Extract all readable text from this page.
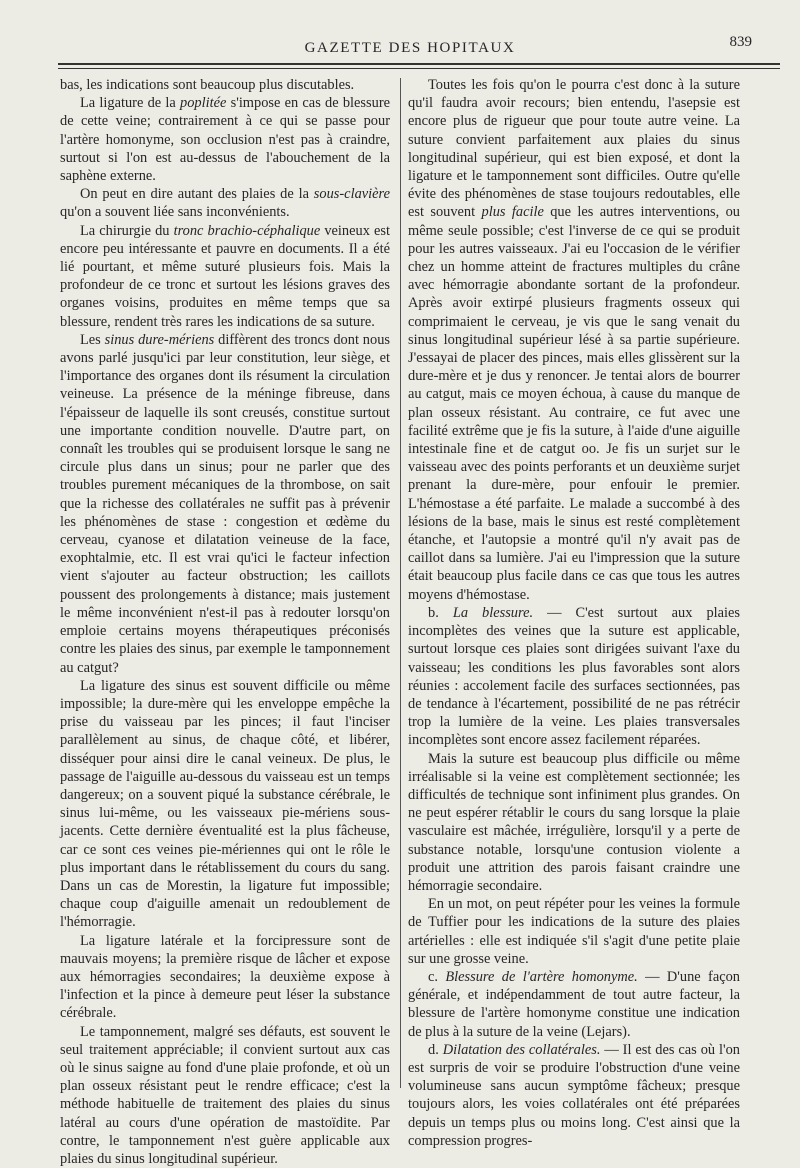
GAZETTE DES HOPITAUX	839

bas, les indications sont beaucoup plus discutables.

La ligature de la poplitée s'impose en cas de blessure de cette veine; contrairement à ce qui se passe pour l'artère homonyme, son occlusion n'est pas à craindre, surtout si l'on est au-dessus de l'abouchement de la saphène externe.

On peut en dire autant des plaies de la sous-clavière qu'on a souvent liée sans inconvénients.

La chirurgie du tronc brachio-céphalique veineux est encore peu intéressante et pauvre en documents. Il a été lié pourtant, et même suturé plusieurs fois. Mais la profondeur de ce tronc et surtout les lésions graves des organes voisins, produites en même temps que sa blessure, rendent très rares les indications de sa suture.

Les sinus dure-mériens diffèrent des troncs dont nous avons parlé jusqu'ici par leur constitution, leur siège, et l'importance des organes dont ils résument la circulation veineuse. La présence de la méninge fibreuse, dans l'épaisseur de laquelle ils sont creusés, constitue surtout une importante condition nouvelle. D'autre part, on connaît les troubles qui se produisent lorsque le sang ne circule plus dans un sinus; pour ne parler que des troubles purement mécaniques de la thrombose, on sait que la richesse des collatérales ne suffit pas à prévenir les phénomènes de stase : congestion et œdème du cerveau, cyanose et dilatation veineuse de la face, exophtalmie, etc. Il est vrai qu'ici le facteur infection vient s'ajouter au facteur obstruction; les caillots poussent des prolongements à distance; mais justement le même inconvénient n'est-il pas à redouter lorsqu'on emploie certains moyens thérapeutiques préconisés contre les plaies des sinus, par exemple le tamponnement au catgut?

La ligature des sinus est souvent difficile ou même impossible; la dure-mère qui les enveloppe empêche la prise du vaisseau par les pinces; il faut l'inciser parallèlement au sinus, de chaque côté, et libérer, disséquer pour ainsi dire le canal veineux. De plus, le passage de l'aiguille au-dessous du vaisseau est un temps dangereux; on a souvent piqué la substance cérébrale, le sinus lui-même, ou les vaisseaux pie-mériens sous-jacents. Cette dernière éventualité est la plus fâcheuse, car ce sont ces veines pie-mériennes qui ont le rôle le plus important dans le rétablissement du cours du sang. Dans un cas de Morestin, la ligature fut impossible; chaque coup d'aiguille amenait un redoublement de l'hémorragie.

La ligature latérale et la forcipressure sont de mauvais moyens; la première risque de lâcher et expose aux hémorragies secondaires; la deuxième expose à l'infection et la pince à demeure peut léser la substance cérébrale.

Le tamponnement, malgré ses défauts, est souvent le seul traitement appréciable; il convient surtout aux cas où le sinus saigne au fond d'une plaie profonde, et où un plan osseux résistant peut le rendre efficace; c'est la méthode habituelle de traitement des plaies du sinus latéral au cours d'une opération de mastoïdite. Par contre, le tamponnement n'est guère applicable aux plaies du sinus longitudinal supérieur.

Toutes les fois qu'on le pourra c'est donc à la suture qu'il faudra avoir recours; bien entendu, l'asepsie est encore plus de rigueur que pour toute autre veine. La suture convient parfaitement aux plaies du sinus longitudinal supérieur, qui est bien exposé, et dont la ligature et le tamponnement sont difficiles. Outre qu'elle évite des phénomènes de stase toujours redoutables, elle est souvent plus facile que les autres interventions, ou même seule possible; c'est l'inverse de ce qui se produit pour les autres vaisseaux. J'ai eu l'occasion de le vérifier chez un homme atteint de fractures multiples du crâne avec hémorragie abondante sortant de la profondeur. Après avoir extirpé plusieurs fragments osseux qui comprimaient le cerveau, je vis que le sang venait du sinus longitudinal supérieur lésé à sa partie supérieure. J'essayai de placer des pinces, mais elles glissèrent sur la dure-mère et je dus y renoncer. Je tentai alors de bourrer au catgut, mais ce moyen échoua, à cause du manque de plan osseux résistant. Au contraire, ce fut avec une facilité extrême que je fis la suture, à l'aide d'une aiguille intestinale fine et de catgut oo. Je fis un surjet sur le vaisseau avec des points perforants et un deuxième surjet prenant la dure-mère, pour enfouir le premier. L'hémostase a été parfaite. Le malade a succombé à des lésions de la base, mais le sinus est resté complètement étanche, et l'autopsie a montré qu'il n'y avait pas de caillot dans sa lumière. J'ai eu l'impression que la suture était beaucoup plus facile dans ce cas que tous les autres moyens d'hémostase.

b. La blessure. — C'est surtout aux plaies incomplètes des veines que la suture est applicable, surtout lorsque ces plaies sont dirigées suivant l'axe du vaisseau; les conditions les plus favorables sont alors réunies : accolement facile des surfaces sectionnées, pas de tendance à l'écartement, possibilité de ne pas rétrécir trop la lumière de la veine. Les plaies transversales incomplètes sont encore assez facilement réparées.

Mais la suture est beaucoup plus difficile ou même irréalisable si la veine est complètement sectionnée; les difficultés de technique sont infiniment plus grandes. On ne peut espérer rétablir le cours du sang lorsque la plaie vasculaire est mâchée, irrégulière, lorsqu'il y a perte de substance notable, lorsqu'une contusion violente a produit une attrition des parois faisant craindre une hémorragie secondaire.

En un mot, on peut répéter pour les veines la formule de Tuffier pour les indications de la suture des plaies artérielles : elle est indiquée s'il s'agit d'une petite plaie sur une grosse veine.

c. Blessure de l'artère homonyme. — D'une façon générale, et indépendamment de tout autre facteur, la blessure de l'artère homonyme constitue une indication de plus à la suture de la veine (Lejars).

d. Dilatation des collatérales. — Il est des cas où l'on est surpris de voir se produire l'obstruction d'une veine volumineuse sans aucun symptôme fâcheux; presque toujours alors, les voies collatérales ont été préparées depuis un temps plus ou moins long. C'est ainsi que la compression progres-
